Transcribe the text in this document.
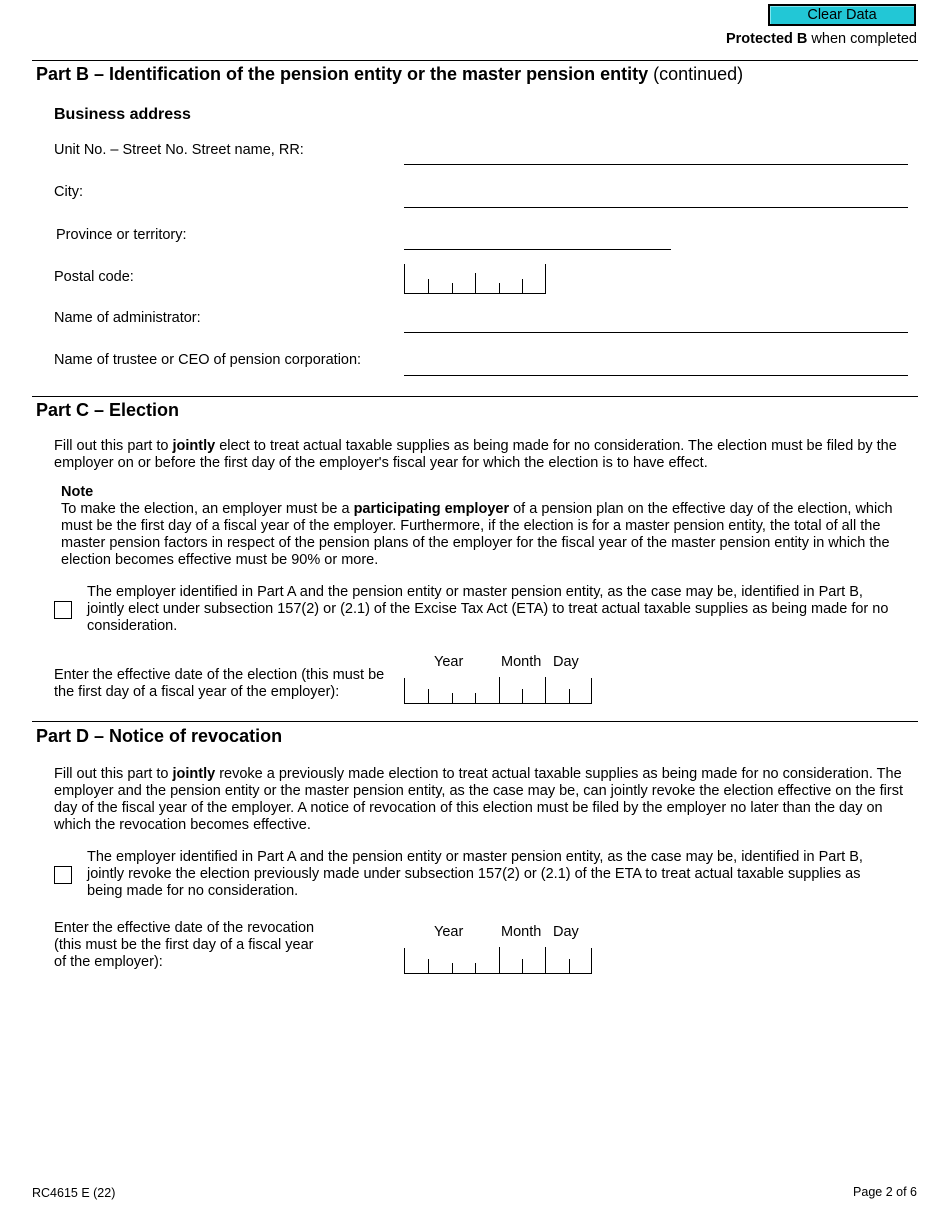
Clear Data
Protected B when completed
Part B – Identification of the pension entity or the master pension entity (continued)
Business address
Unit No. – Street No. Street name, RR:
City:
Province or territory:
Postal code:
Name of administrator:
Name of trustee or CEO of pension corporation:
Part C – Election
Fill out this part to jointly elect to treat actual taxable supplies as being made for no consideration. The election must be filed by the employer on or before the first day of the employer's fiscal year for which the election is to have effect.
Note
To make the election, an employer must be a participating employer of a pension plan on the effective day of the election, which must be the first day of a fiscal year of the employer. Furthermore, if the election is for a master pension entity, the total of all the master pension factors in respect of the pension plans of the employer for the fiscal year of the master pension entity in which the election becomes effective must be 90% or more.
The employer identified in Part A and the pension entity or master pension entity, as the case may be, identified in Part B, jointly elect under subsection 157(2) or (2.1) of the Excise Tax Act (ETA) to treat actual taxable supplies as being made for no consideration.
Year	Month Day
Enter the effective date of the election (this must be the first day of a fiscal year of the employer):
Part D – Notice of revocation
Fill out this part to jointly revoke a previously made election to treat actual taxable supplies as being made for no consideration. The employer and the pension entity or the master pension entity, as the case may be, can jointly revoke the election effective on the first day of the fiscal year of the employer. A notice of revocation of this election must be filed by the employer no later than the day on which the revocation becomes effective.
The employer identified in Part A and the pension entity or master pension entity, as the case may be, identified in Part B, jointly revoke the election previously made under subsection 157(2) or (2.1) of the ETA to treat actual taxable supplies as being made for no consideration.
Year	Month Day
Enter the effective date of the revocation
(this must be the first day of a fiscal year
of the employer):
RC4615 E (22)	Page 2 of 6
